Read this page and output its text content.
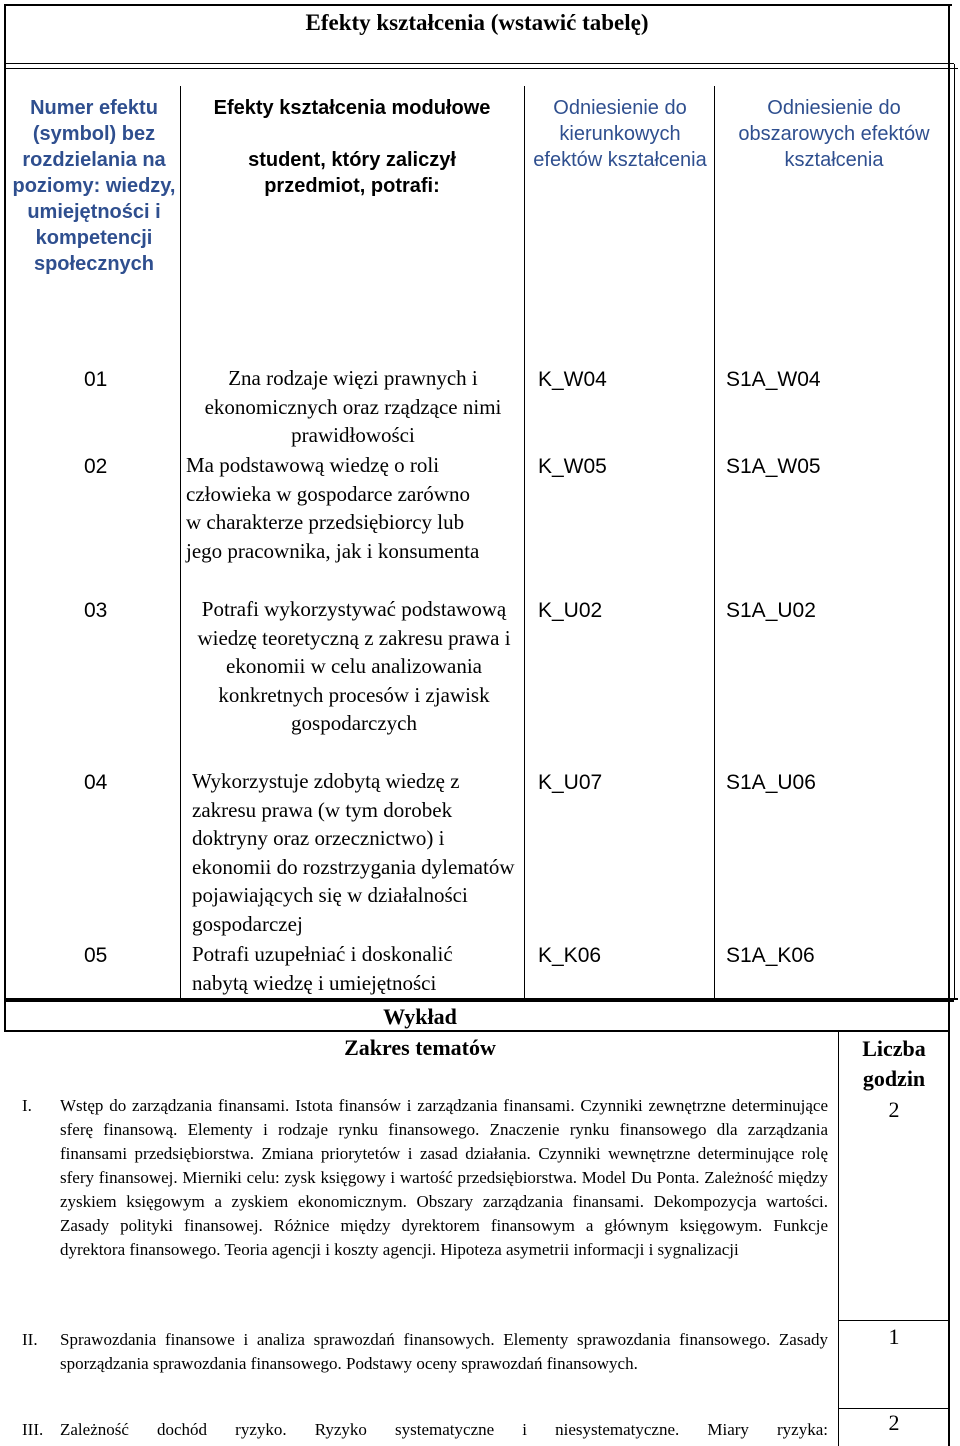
Efekty kształcenia (wstawić tabelę)
Numer efektu (symbol) bez rozdzielania na poziomy: wiedzy, umiejętności i kompetencji społecznych
Efekty kształcenia modułowe
student, który zaliczył przedmiot, potrafi:
Odniesienie do kierunkowych efektów kształcenia
Odniesienie do obszarowych efektów kształcenia
01	Zna rodzaje więzi prawnych i ekonomicznych oraz rządzące nimi prawidłowości
K_W04	S1A_W04
02	Ma podstawową wiedzę o roli człowieka w gospodarce zarówno w charakterze przedsiębiorcy lub jego pracownika, jak i konsumenta
K_W05	S1A_W05
03	Potrafi wykorzystywać podstawową wiedzę teoretyczną z zakresu prawa i ekonomii w celu analizowania konkretnych procesów i zjawisk gospodarczych
K_U02	S1A_U02
04	Wykorzystuje zdobytą wiedzę z zakresu prawa (w tym dorobek doktryny oraz orzecznictwo) i ekonomii do rozstrzygania dylematów pojawiających się w działalności gospodarczej
K_U07	S1A_U06
05	Potrafi uzupełniać i doskonalić nabytą wiedzę i umiejętności
K_K06	S1A_K06
Wykład
Zakres tematów	Liczba godzin
I. Wstęp do zarządzania finansami. Istota finansów i zarządzania finansami. Czynniki zewnętrzne determinujące sferę finansową. Elementy i rodzaje rynku finansowego. Znaczenie rynku finansowego dla zarządzania finansami przedsiębiorstwa. Zmiana priorytetów i zasad działania. Czynniki wewnętrzne determinujące rolę sfery finansowej. Mierniki celu: zysk księgowy i wartość przedsiębiorstwa. Model Du Ponta. Zależność między zyskiem księgowym a zyskiem ekonomicznym. Obszary zarządzania finansami. Dekompozycja wartości. Zasady polityki finansowej. Różnice między dyrektorem finansowym a głównym księgowym. Funkcje dyrektora finansowego. Teoria agencji i koszty agencji. Hipoteza asymetrii informacji i sygnalizacji
2
II. Sprawozdania finansowe i analiza sprawozdań finansowych. Elementy sprawozdania finansowego. Zasady sporządzania sprawozdania finansowego. Podstawy oceny sprawozdań finansowych.
1
III. Zależność dochód ryzyko. Ryzyko systematyczne i niesystematyczne. Miary ryzyka:	2
